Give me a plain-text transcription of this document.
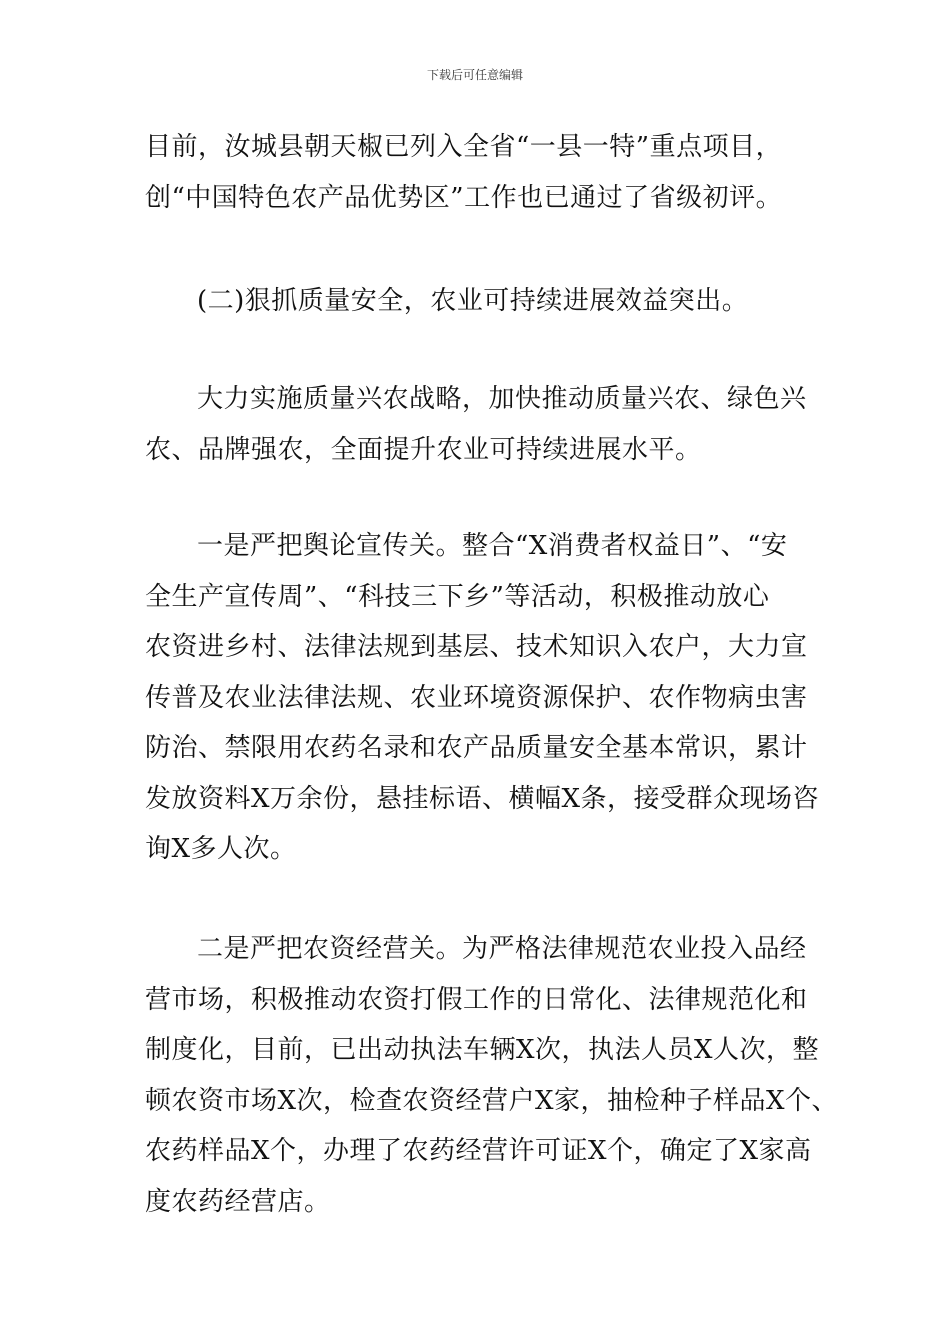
下载后可任意编辑
目前，汝城县朝天椒已列入全省“一县一特”重点项目，
创“中国特色农产品优势区”工作也已通过了省级初评。
(二)狠抓质量安全，农业可持续进展效益突出。
大力实施质量兴农战略，加快推动质量兴农、绿色兴
农、品牌强农，全面提升农业可持续进展水平。
一是严把舆论宣传关。整合“X消费者权益日”、“安
全生产宣传周”、“科技三下乡”等活动，积极推动放心
农资进乡村、法律法规到基层、技术知识入农户，大力宣
传普及农业法律法规、农业环境资源保护、农作物病虫害
防治、禁限用农药名录和农产品质量安全基本常识，累计
发放资料X万余份，悬挂标语、横幅X条，接受群众现场咨
询X多人次。
二是严把农资经营关。为严格法律规范农业投入品经
营市场，积极推动农资打假工作的日常化、法律规范化和
制度化，目前，已出动执法车辆X次，执法人员X人次，整
顿农资市场X次，检查农资经营户X家，抽检种子样品X个、
农药样品X个，办理了农药经营许可证X个，确定了X家高
度农药经营店。
